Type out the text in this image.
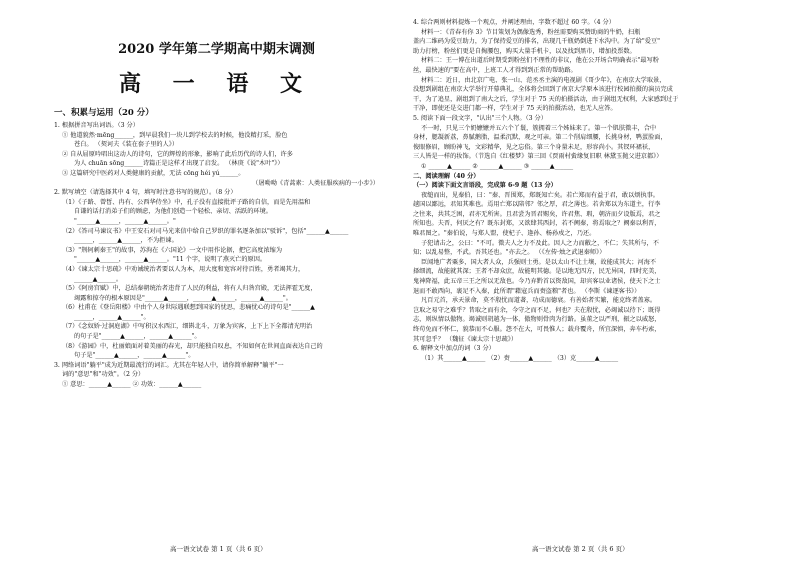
2020 学年第二学期高中期末调测
高 一 语 文
一、积累与运用（20 分）
1. 根据拼音写出词语。（3 分）
① 他道貌然·mēng______，到早晨我们一块儿到学校去的时候，他没精打采，脸色
苍白。 （契诃夫《装在套子里的人》）
② 自从屈原吟唱出这动人的诗句，它的辉煌的形象，影响了此后历代的诗人们，许多
为人 chuān sōng______诗篇正是这样才出现了启发。 （林庚《说"木叶"》）
③ 这篇研究中医药对人类健康的贡献，无法 cōng héi yú______。
（屠呦呦《青蒿素：人类征服疾病的一小步》）
2. 默写填空（请选择其中 4 句，填写时注意书写的规范）。（8 分）
（1）《子路、曾皙、冉有、公西华侍坐》中，孔子没有直接批评子路的自信，而是先用温和
自谦的话打消弟子们的顾虑，为他们创造一个轻松、亲切、活跃的环境。
"______▲______，______▲______。"
（2）《答司马谏议书》中王安石对司马光来信中给自己罗织的罪名逐条加以"驳诉"，包括"______▲______
______，______▲______，不为拒谏。
（3）"荆轲刺秦王"的故事，苏洵在《六国论》一文中用作论据，把它高度浓缩为
"______▲______，______▲______。"11 个字，说明了燕灭亡的原因。
（4）《谏太宗十思疏》中劝诫统治者要以人为本，用大度和宽容对待百姓，勇者竭其力，
______▲______。
（5）《阿房宫赋》中，总结秦朝统治者违背了人民的利益，将有人归咎宫殿，无法挥霍无度，
竭露和掠夺的根本原因是"______▲______，______▲______，______▲______"。
（6）杜甫在《登岳阳楼》中由个人身世际遇联想到国家的忧思，悲痛忧心的诗句是"______▲
______，______▲______"。
（7）《念奴娇·过洞庭湖》中写积汉水西江，细斟北斗，万象为宾客，上下上下全都清光明治
的句子是"______▲______，______▲______"。
（8）《游园》中，杜丽娘面对着美丽的春光，却只能独自叹息，不知如何在世间直面表达自己的
句子是"______▲______，______▲______"。
3. 网络词语"躺平"成为近期最流行的词汇。尤其在年轻人中，请你简单解释"躺平"一
词的"意思"和"功效"。（2 分）
① 意思：______▲______ ② 功效：______▲______
高一语文试卷 第 1 页（共 6 页）
4. 综合两则材料提炼一个观点，并阐述理由，字数不超过 60 字。（4 分）
材料一：《青春有你 3》节目策划为偶像选秀，粉丝需要购买赞助商的牛奶，扫瓶
盖内二维码为爱豆助力，为了保持爱豆的排名，出现几千瓶奶倒进下水沟中。为了给"爱豆"
助力打榜，粉丝们更是自掏腰包，购买大量手机卡，以及找到黑市，增加投票数。
材料二：王一博在出道后时期受到粉丝们不理性的非议，他在公开场合明确表示"最写粉
丝，最快速的"要在高中，上班工人才得到到正常的帮助路。
材料二：近日，由北京广电、张一山、范丞丞主演的电视剧《哥少年》，在南京大学取景，
没想到剧组在南京大学举行开幕典礼，全体将会回到了南京大学原本该进行校园拍摄的演员完成
干，为了追星，剧组到了南大之后，学生对于 75 天的拍摄活动，由于剧组无权利，大家感到过于
干净，即使还是交进门都一样，学生对于 75 天的拍摄活动，也无人应答。
5. 阅读下面一段文字，"认出"三个人物。（3 分）
不一时，只见三个奶嬷嬷并五六个丫鬟，簇拥着三个姊妹来了。第一个肌肤微丰，合中
身材，腮凝新荔，鼻腻鹅脂，温柔沉默，观之可亲。第二个削肩细腰，长挑身材，鸭蛋脸面，
俊眼修眉，顾盼神飞，文彩精华，见之忘俗。第三个身量未足，形容尚小。其钗环裙袄，
三人皆是一样的妆饰。（节选自《红楼梦》第三回《贾雨村夤缘复旧职 林黛玉抛父进京都》）
① ______▲______ ② ______▲______ ③ ______▲______
二、阅读理解（40 分）
（一）阅读下面文言语段，完成第 6-9 题（13 分）
夜缒而出，见秦伯，曰："秦、晋围郑，郑既知亡矣。若亡郑而有益于君，敢以烦执事。
越国以鄙远，君知其难也。焉用亡郑以陪邻？邻之厚，君之薄也。若舍郑以为东道主，行李
之往来，共其乏困，君亦无所害。且君尝为晋君赐矣，许君焦、瑕，朝济而夕设版焉，君之
所知也。夫晋，何厌之有？既东封郑，又欲肆其西封，若不阙秦，将焉取之？阙秦以利晋，
唯君图之。"秦伯说，与郑人盟，使杞子、逢孙、杨孙戍之，乃还。
子犯请击之，公曰："不可。微夫人之力不及此。因人之力而敝之，不仁；失其所与，不
知；以乱易整，不武。吾其还也。"亦去之。 （《左传·烛之武退秦师》）
臣闻地广者粟多，国大者人众，兵强则士勇。是以太山不让土壤，故能成其大；河海不
择细流，故能就其深；王者不却众庶，故能明其德。是以地无四方，民无异国，四时充美，
鬼神降福，此五帝三王之所以无敌也。今乃弃黔首以资敌国，却宾客以业诸侯，使天下之士
退而不敢西向，裹足不入秦，此所谓"藉寇兵而赍盗粮"者也。 （李斯《谏逐客书》）
凡百元首，承天景命，莫不殷忧而道著，功成而德衰。有善始者实繁，能克终者盖寡。
岂取之易守之难乎？昔取之而有余，今守之而不足，何也？夫在殷忧，必竭诚以待下；既得
志，则纵情以傲物。竭诚则胡越为一体，傲物则骨肉为行路。虽董之以严刑，振之以威怒，
终苟免而不怀仁，貌恭而不心服。怨不在大，可畏惟人；载舟覆舟，所宜深慎，奔车朽索，
其可忽乎？ （魏征《谏太宗十思疏》）
6. 解释文中加点的词（3 分）
（1）其______▲______ （2）赍______▲______ （3）克______▲______
高一语文试卷 第 2 页（共 6 页）
